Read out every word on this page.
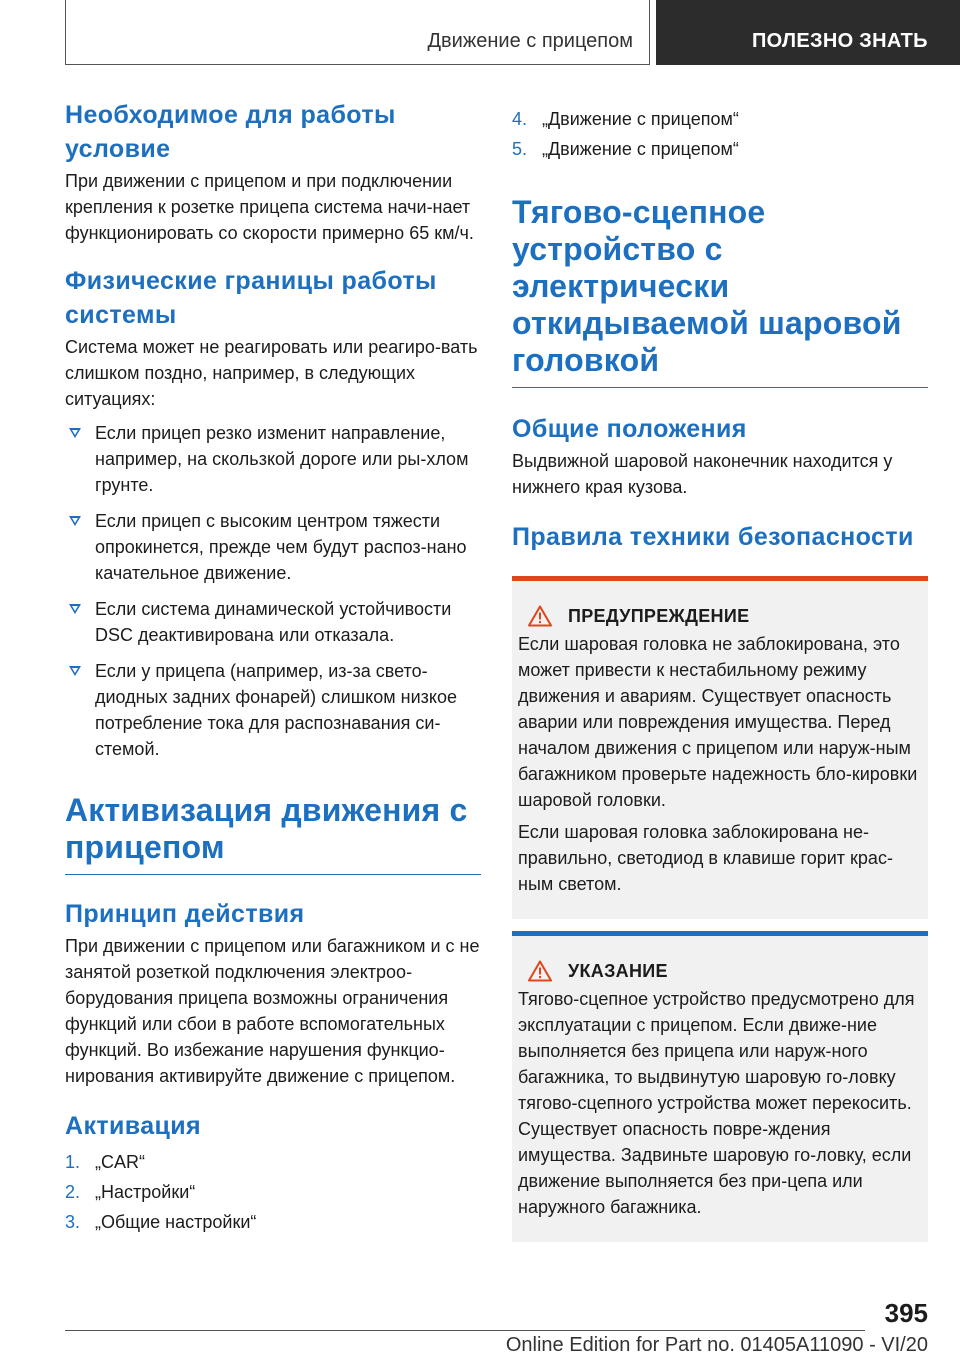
Движение с прицепом	ПОЛЕЗНО ЗНАТЬ
Необходимое для работы условие

При движении с прицепом и при подключении крепления к розетке прицепа система начи-нает функционировать со скорости примерно 65 км/ч.

Физические границы работы системы

Система может не реагировать или реагиро-вать слишком поздно, например, в следующих ситуациях:

Если прицеп резко изменит направление, например, на скользкой дороге или ры-хлом грунте.
Если прицеп с высоким центром тяжести опрокинется, прежде чем будут распоз-нано качательное движение.
Если система динамической устойчивости DSC деактивирована или отказала.
Если у прицепа (например, из-за свето-диодных задних фонарей) слишком низкое потребление тока для распознавания си-стемой.
Активизация движения с прицепом
Принцип действия

При движении с прицепом или багажником и с не занятой розеткой подключения электроо-борудования прицепа возможны ограничения функций или сбои в работе вспомогательных функций. Во избежание нарушения функцио-нирования активируйте движение с прицепом.

Активация
1. „CAR“
2. „Настройки“
3. „Общие настройки“
4. „Движение с прицепом“
5. „Движение с прицепом“
Тягово-сцепное устройство с электрически откидываемой шаровой головкой
Общие положения

Выдвижной шаровой наконечник находится у нижнего края кузова.

Правила техники безопасности
ПРЕДУПРЕЖДЕНИЕ

Если шаровая головка не заблокирована, это может привести к нестабильному режиму движения и авариям. Существует опасность аварии или повреждения имущества. Перед началом движения с прицепом или наруж-ным багажником проверьте надежность бло-кировки шаровой головки.

Если шаровая головка заблокирована не-правильно, светодиод в клавише горит крас-ным светом.

УКАЗАНИЕ

Тягово-сцепное устройство предусмотрено для эксплуатации с прицепом. Если движе-ние выполняется без прицепа или наруж-ного багажника, то выдвинутую шаровую го-ловку тягово-сцепного устройства может перекосить. Существует опасность повре-ждения имущества. Задвиньте шаровую го-ловку, если движение выполняется без при-цепа или наружного багажника.

395
Online Edition for Part no. 01405A11090 - VI/20
